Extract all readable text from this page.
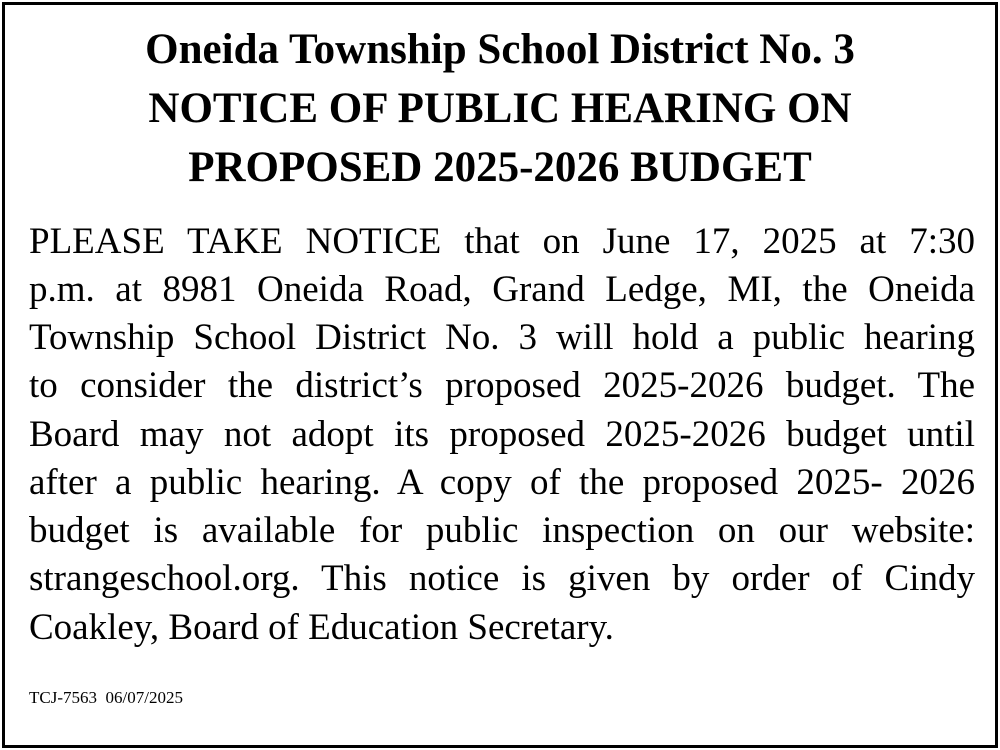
Oneida Township School District No. 3
NOTICE OF PUBLIC HEARING ON
PROPOSED 2025-2026 BUDGET
PLEASE TAKE NOTICE that on June 17, 2025 at 7:30
p.m. at 8981 Oneida Road, Grand Ledge, MI, the Oneida
Township School District No. 3 will hold a public hearing
to consider the district’s proposed 2025-2026 budget. The
Board may not adopt its proposed 2025-2026 budget until
after a public hearing. A copy of the proposed 2025- 2026
budget is available for public inspection on our website:
strangeschool.org. This notice is given by order of Cindy
Coakley, Board of Education Secretary.
TCJ-7563  06/07/2025
